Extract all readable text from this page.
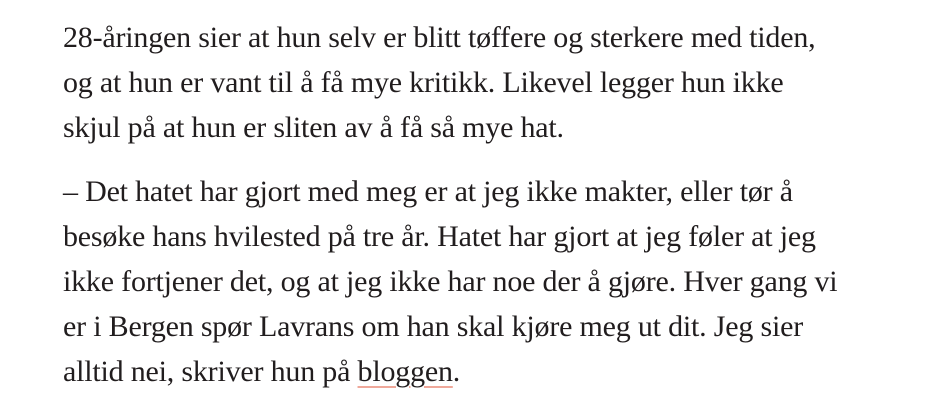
28-åringen sier at hun selv er blitt tøffere og sterkere med tiden,
og at hun er vant til å få mye kritikk. Likevel legger hun ikke
skjul på at hun er sliten av å få så mye hat.

– Det hatet har gjort med meg er at jeg ikke makter, eller tør å
besøke hans hvilested på tre år. Hatet har gjort at jeg føler at jeg
ikke fortjener det, og at jeg ikke har noe der å gjøre. Hver gang vi
er i Bergen spør Lavrans om han skal kjøre meg ut dit. Jeg sier
alltid nei, skriver hun på bloggen.
